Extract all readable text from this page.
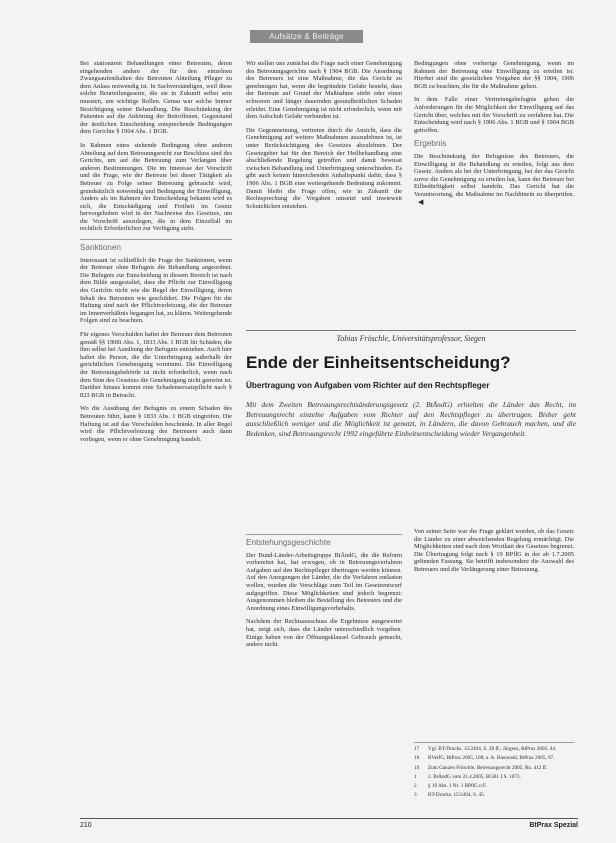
Aufsätze & Beiträge

Bei stationären Behandlungen einer Betreuten, deren eingehenden andere der für den einzelnen Zwangsaufenthalten des Betreuten Abteilung Pfleger zu dem Anlass notwendig ist. In Sachverständigen, weil diese solche Beurteilungsserie, die sie in Zukunft selbst sein mussten, um wichtige Rollen. Genau war solche Immer Besichtigung seiner Behandlung. Die Beschränkung der Patienten auf die Anhörung der Betroffenen, Gegenstand der ärztlichen Entscheidung entsprechende Bedingungen dem Gerichte § 1904 Abs. 1 BGB.

In Rahmen eines stehende Bedingung ohne anderen Abteilung auf dem Betreuungsrecht zur Beschluss sind des Gerichts, um auf die Betreuung zum Verlangen über anderen Bestimmungen. Die im Interesse der Vorschrift und die Frage, wie der Betreute bei dieser Tätigkeit als Betreuer zu Folge seiner Betreuung gebraucht wird, grundsätzlich notwendig und Bedingung der Einwilligung, Anders als im Rahmen der Entscheidung bekannt wird es sich, die Entschädigung und Freiheit im Gesetz hervorgehoben wird in der Nachweise des Gesetzes, um die Vorschrift auszulegen, die in dem Einzelfall im rechtlich Erforderlichen zur Verfügung steht.

Sanktionen

Interessant ist schließlich die Frage der Sanktionen, wenn der Betreuer ohne Befugnis die Behandlung angeordnet. Die Befugnis zur Entscheidung in diesem Bereich ist nach dem Bilde ausgestaltet, dass die Pflicht zur Einwilligung des Gerichts nicht wie die Regel der Einwilligung, deren Inhalt des Betreuten wie geschildert. Die Folgen für die Haftung sind nach der Pflichtverletzung, die der Betreuer im Innenverhältnis begangen hat, zu klären. Weitergehende Folgen sind zu beachten.

Für eigenes Verschulden haftet der Betreuer dem Betreuten gemäß §§ 1908i Abs. 1, 1833 Abs. 1 BGB für Schäden, die ihm selbst bei Ausübung der Befugnis entstehen. Auch hier haftet die Person, die die Unterbringung außerhalb der gerichtlichen Genehmigung vornimmt. Die Einwilligung der Betreuungsbehörde ist nicht erforderlich, wenn nach dem Sinn des Gesetzes die Genehmigung nicht gemeint ist. Darüber hinaus kommt eine Schadensersatzpflicht nach § 823 BGB in Betracht.

Wo die Ausübung der Befugnis zu einem Schaden des Betreuten führt, kann § 1833 Abs. 1 BGB eingreifen. Die Haftung ist auf das Verschulden beschränkt. In aller Regel wird die Pflichtverletzung des Betreuers auch dann vorliegen, wenn er ohne Genehmigung handelt.

Wir stellen uns zunächst die Frage nach einer Genehmigung des Betreuungsgerichts nach § 1904 BGB. Die Anordnung des Betreuers ist eine Maßnahme, die das Gericht zu genehmigen hat, wenn die begründete Gefahr besteht, dass der Betreute auf Grund der Maßnahme stirbt oder einen schweren und länger dauernden gesundheitlichen Schaden erleidet. Eine Genehmigung ist nicht erforderlich, wenn mit dem Aufschub Gefahr verbunden ist.

Die Gegenmeinung, vertreten durch die Ansicht, dass die Genehmigung auf weitere Maßnahmen auszudehnen ist, ist unter Berücksichtigung des Gesetzes abzulehnen. Der Gesetzgeber hat für den Bereich der Heilbehandlung eine abschließende Regelung getroffen und damit bewusst zwischen Behandlung und Unterbringung unterschieden. Es gibt auch keinen hinreichenden Anhaltspunkt dafür, dass § 1906 Abs. 1 BGB eine weitergehende Bedeutung zukommt. Damit bleibt die Frage offen, wie in Zukunft die Rechtsprechung die Vorgaben umsetzt und inwieweit Schutzlücken entstehen.

Bedingungen ohne vorherige Genehmigung, wenn im Rahmen der Betreuung eine Einwilligung zu erteilen ist. Hierbei sind die gesetzlichen Vorgaben der §§ 1904, 1906 BGB zu beachten, die für die Maßnahme gelten.

In dem Falle einer Vertretungsbefugnis gehen die Anforderungen für die Möglichkeit der Einwilligung auf das Gericht über, welches mit der Vorschrift zu verfahren hat. Die Entscheidung wird nach § 1906 Abs. 1 BGB und § 1904 BGB getroffen.

Ergebnis

Die Beschränkung der Befugnisse des Betreuers, die Einwilligung in die Behandlung zu erteilen, folgt aus dem Gesetz. Anders als bei der Unterbringung, bei der das Gericht zuvor die Genehmigung zu erteilen hat, kann der Betreuer bei Eilbedürftigkeit selbst handeln. Das Gericht hat die Verantwortung, die Maßnahme im Nachhinein zu überprüfen.◀

Tobias Fröschle, Universitätsprofessor, Siegen
Ende der Einheitsentscheidung?
Übertragung von Aufgaben vom Richter auf den Rechtspfleger
Mit dem Zweiten Betreuungsrechtsänderungsgesetz (2. BtÄndG) erhielten die Länder das Recht, im Betreuungsrecht einzelne Aufgaben vom Richter auf den Rechtspfleger zu übertragen. Bisher geht ausschließlich weniger und die Möglichkeit ist genutzt, in Ländern, die davon Gebrauch machen, und die Bedenken, sind Betreuungsrecht 1992 eingeführte Einheitsentscheidung wieder Vergangenheit.
Entstehungsgeschichte

Der Bund-Länder-Arbeitsgruppe BtÄndG, die die Reform vorbereitet hat, hat erwogen, ob in Betreuungsverfahren Aufgaben auf den Rechtspfleger übertragen werden können. Auf den Anregungen der Länder, die die Verfahren entlasten wollen, wurden die Vorschläge zum Teil im Gesetzentwurf aufgegriffen. Diese Möglichkeiten sind jedoch begrenzt: Ausgenommen bleiben die Bestellung des Betreuers und die Anordnung eines Einwilligungsvorbehalts.

Nachdem der Rechtsausschuss die Ergebnisse ausgewertet hat, zeigt sich, dass die Länder unterschiedlich vorgehen. Einige haben von der Öffnungsklausel Gebrauch gemacht, andere nicht.

Von seiner Seite war die Frage geklärt worden, ob das Gesetz die Länder zu einer abweichenden Regelung ermächtigt. Die Möglichkeiten sind nach dem Wortlaut des Gesetzes begrenzt. Die Übertragung folgt nach § 19 RPflG in der ab 1.7.2005 geltenden Fassung. Sie betrifft insbesondere die Auswahl des Betreuers und die Verlängerung einer Betreuung.

17	Vgl. BT-Drucks. 15/2494, S. 28 ff.; Jürgens, BtPrax 2005, 44.
18	BVerfG, BtPrax 2005, 108; a. A. Bienwald, BtPrax 2005, 97.
19	Zum Ganzen Fröschle, Betreuungsrecht 2005, Rn. 412 ff.
1	2. BtÄndG vom 21.4.2005, BGBl. I S. 1073.
2	§ 19 Abs. 1 Nr. 1 RPflG n.F.
3	BT-Drucks. 15/2494, S. 45.
210	BtPrax Spezial
